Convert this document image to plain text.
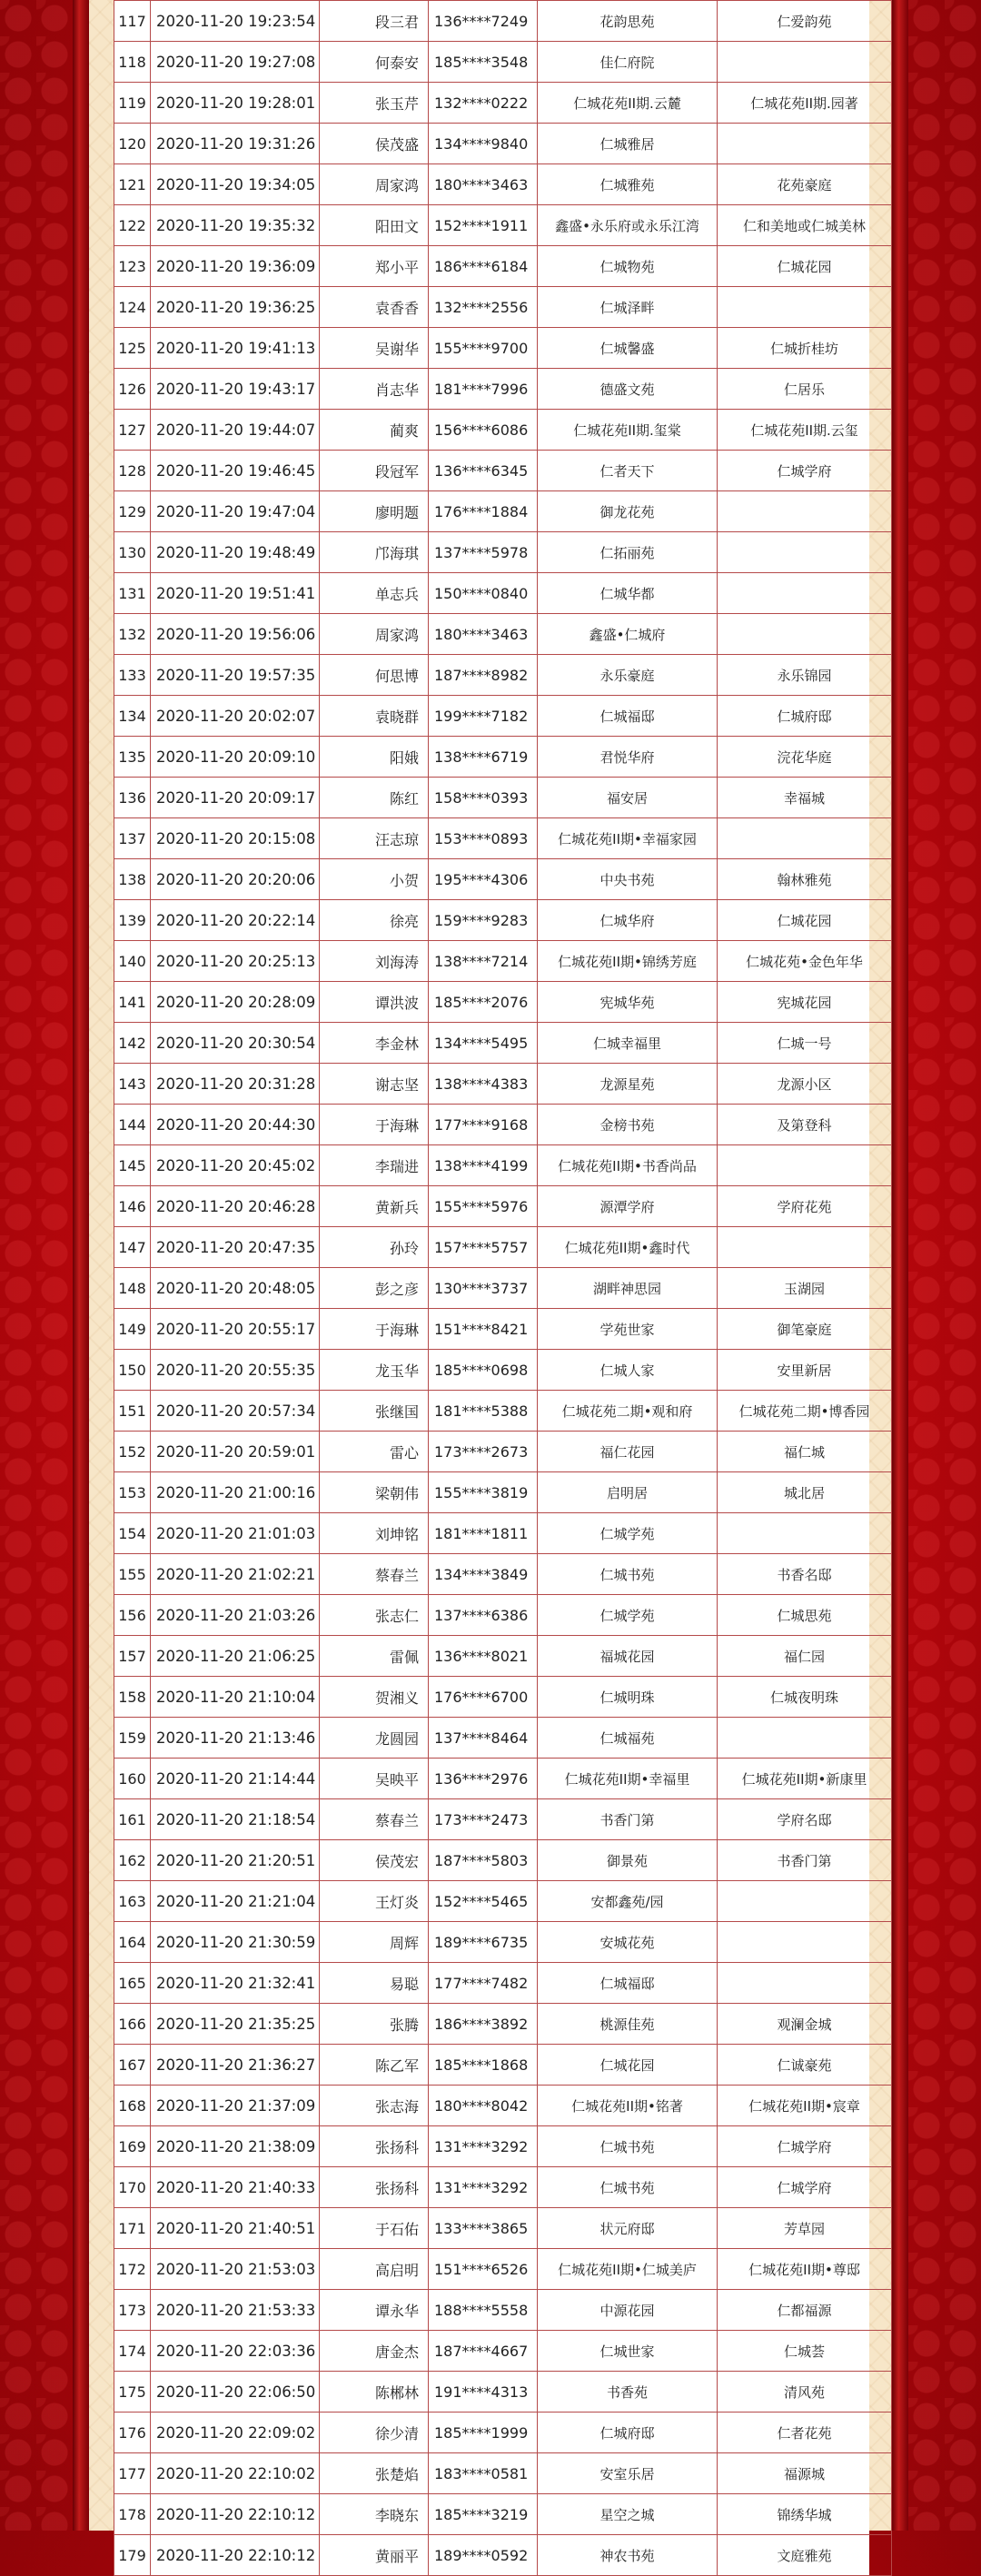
117	2020-11-20 19:23:54	段三君	136****7249	花韵思苑	仁爱韵苑
118	2020-11-20 19:27:08	何泰安	185****3548	佳仁府院	
119	2020-11-20 19:28:01	张玉芹	132****0222	仁城花苑II期.云麓	仁城花苑II期.园著
120	2020-11-20 19:31:26	侯茂盛	134****9840	仁城雅居	
121	2020-11-20 19:34:05	周家鸿	180****3463	仁城雅苑	花苑豪庭
122	2020-11-20 19:35:32	阳田文	152****1911	鑫盛•永乐府或永乐江湾	仁和美地或仁城美林
123	2020-11-20 19:36:09	郑小平	186****6184	仁城物苑	仁城花园
124	2020-11-20 19:36:25	袁香香	132****2556	仁城泽畔	
125	2020-11-20 19:41:13	吴谢华	155****9700	仁城馨盛	仁城折桂坊
126	2020-11-20 19:43:17	肖志华	181****7996	德盛文苑	仁居乐
127	2020-11-20 19:44:07	蔺爽	156****6086	仁城花苑II期.玺棠	仁城花苑II期.云玺
128	2020-11-20 19:46:45	段冠军	136****6345	仁者天下	仁城学府
129	2020-11-20 19:47:04	廖明题	176****1884	御龙花苑	
130	2020-11-20 19:48:49	邝海琪	137****5978	仁拓丽苑	
131	2020-11-20 19:51:41	单志兵	150****0840	仁城华都	
132	2020-11-20 19:56:06	周家鸿	180****3463	鑫盛•仁城府	
133	2020-11-20 19:57:35	何思博	187****8982	永乐豪庭	永乐锦园
134	2020-11-20 20:02:07	袁晓群	199****7182	仁城福邸	仁城府邸
135	2020-11-20 20:09:10	阳娥	138****6719	君悦华府	浣花华庭
136	2020-11-20 20:09:17	陈红	158****0393	福安居	幸福城
137	2020-11-20 20:15:08	汪志琼	153****0893	仁城花苑II期•幸福家园	
138	2020-11-20 20:20:06	小贺	195****4306	中央书苑	翰林雅苑
139	2020-11-20 20:22:14	徐亮	159****9283	仁城华府	仁城花园
140	2020-11-20 20:25:13	刘海涛	138****7214	仁城花苑II期•锦绣芳庭	仁城花苑•金色年华
141	2020-11-20 20:28:09	谭洪波	185****2076	宪城华苑	宪城花园
142	2020-11-20 20:30:54	李金林	134****5495	仁城幸福里	仁城一号
143	2020-11-20 20:31:28	谢志坚	138****4383	龙源星苑	龙源小区
144	2020-11-20 20:44:30	于海琳	177****9168	金榜书苑	及第登科
145	2020-11-20 20:45:02	李瑞进	138****4199	仁城花苑II期•书香尚品	
146	2020-11-20 20:46:28	黄新兵	155****5976	源潭学府	学府花苑
147	2020-11-20 20:47:35	孙玲	157****5757	仁城花苑II期•鑫时代	
148	2020-11-20 20:48:05	彭之彦	130****3737	湖畔神思园	玉湖园
149	2020-11-20 20:55:17	于海琳	151****8421	学苑世家	御笔豪庭
150	2020-11-20 20:55:35	龙玉华	185****0698	仁城人家	安里新居
151	2020-11-20 20:57:34	张继国	181****5388	仁城花苑二期•观和府	仁城花苑二期•博香园
152	2020-11-20 20:59:01	雷心	173****2673	福仁花园	福仁城
153	2020-11-20 21:00:16	梁朝伟	155****3819	启明居	城北居
154	2020-11-20 21:01:03	刘坤铭	181****1811	仁城学苑	
155	2020-11-20 21:02:21	蔡春兰	134****3849	仁城书苑	书香名邸
156	2020-11-20 21:03:26	张志仁	137****6386	仁城学苑	仁城思苑
157	2020-11-20 21:06:25	雷佩	136****8021	福城花园	福仁园
158	2020-11-20 21:10:04	贺湘义	176****6700	仁城明珠	仁城夜明珠
159	2020-11-20 21:13:46	龙圆园	137****8464	仁城福苑	
160	2020-11-20 21:14:44	吴映平	136****2976	仁城花苑II期•幸福里	仁城花苑II期•新康里
161	2020-11-20 21:18:54	蔡春兰	173****2473	书香门第	学府名邸
162	2020-11-20 21:20:51	侯茂宏	187****5803	御景苑	书香门第
163	2020-11-20 21:21:04	王灯炎	152****5465	安都鑫苑/园	
164	2020-11-20 21:30:59	周辉	189****6735	安城花苑	
165	2020-11-20 21:32:41	易聪	177****7482	仁城福邸	
166	2020-11-20 21:35:25	张腾	186****3892	桃源佳苑	观澜金城
167	2020-11-20 21:36:27	陈乙军	185****1868	仁城花园	仁诚豪苑
168	2020-11-20 21:37:09	张志海	180****8042	仁城花苑II期•铭著	仁城花苑II期•宸章
169	2020-11-20 21:38:09	张扬科	131****3292	仁城书苑	仁城学府
170	2020-11-20 21:40:33	张扬科	131****3292	仁城书苑	仁城学府
171	2020-11-20 21:40:51	于石佑	133****3865	状元府邸	芳草园
172	2020-11-20 21:53:03	高启明	151****6526	仁城花苑II期•仁城美庐	仁城花苑II期•尊邸
173	2020-11-20 21:53:33	谭永华	188****5558	中源花园	仁都福源
174	2020-11-20 22:03:36	唐金杰	187****4667	仁城世家	仁城荟
175	2020-11-20 22:06:50	陈郴林	191****4313	书香苑	清风苑
176	2020-11-20 22:09:02	徐少清	185****1999	仁城府邸	仁者花苑
177	2020-11-20 22:10:02	张楚焰	183****0581	安室乐居	福源城
178	2020-11-20 22:10:12	李晓东	185****3219	星空之城	锦绣华城
179	2020-11-20 22:10:12	黄丽平	189****0592	神农书苑	文庭雅苑
